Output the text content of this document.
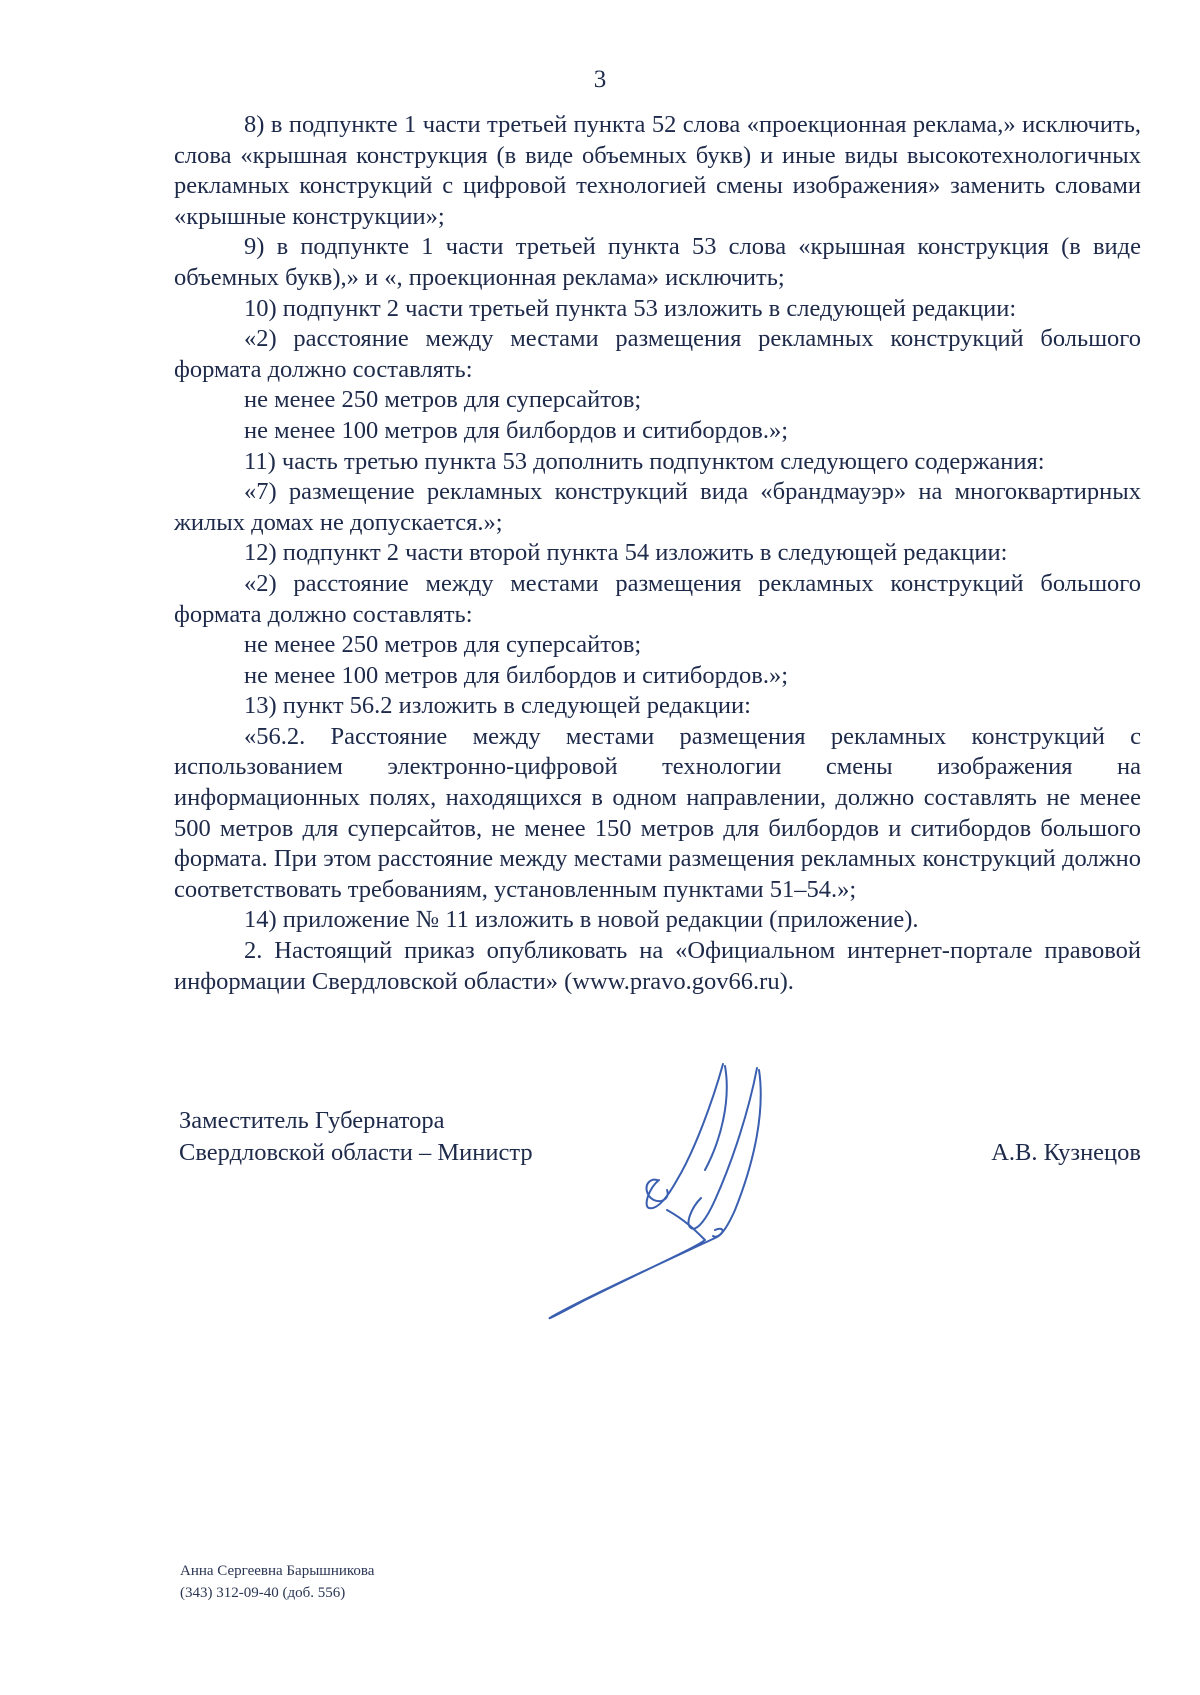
3

8) в подпункте 1 части третьей пункта 52 слова «проекционная реклама,» исключить, слова «крышная конструкция (в виде объемных букв) и иные виды высокотехнологичных рекламных конструкций с цифровой технологией смены изображения» заменить словами «крышные конструкции»;

9) в подпункте 1 части третьей пункта 53 слова «крышная конструкция (в виде объемных букв),» и «, проекционная реклама» исключить;

10) подпункт 2 части третьей пункта 53 изложить в следующей редакции:

«2) расстояние между местами размещения рекламных конструкций большого формата должно составлять:

не менее 250 метров для суперсайтов;

не менее 100 метров для билбордов и ситибордов.»;

11) часть третью пункта 53 дополнить подпунктом следующего содержания:

«7) размещение рекламных конструкций вида «брандмауэр» на многоквартирных жилых домах не допускается.»;

12) подпункт 2 части второй пункта 54 изложить в следующей редакции:

«2) расстояние между местами размещения рекламных конструкций большого формата должно составлять:

не менее 250 метров для суперсайтов;

не менее 100 метров для билбордов и ситибордов.»;

13) пункт 56.2 изложить в следующей редакции:

«56.2. Расстояние между местами размещения рекламных конструкций с использованием электронно-цифровой технологии смены изображения на информационных полях, находящихся в одном направлении, должно составлять не менее 500 метров для суперсайтов, не менее 150 метров для билбордов и ситибордов большого формата. При этом расстояние между местами размещения рекламных конструкций должно соответствовать требованиям, установленным пунктами 51–54.»;

14) приложение № 11 изложить в новой редакции (приложение).

2. Настоящий приказ опубликовать на «Официальном интернет-портале правовой информации Свердловской области» (www.pravo.gov66.ru).

Заместитель Губернатора
Свердловской области – Министр	А.В. Кузнецов
Анна Сергеевна Барышникова
(343) 312-09-40 (доб. 556)
